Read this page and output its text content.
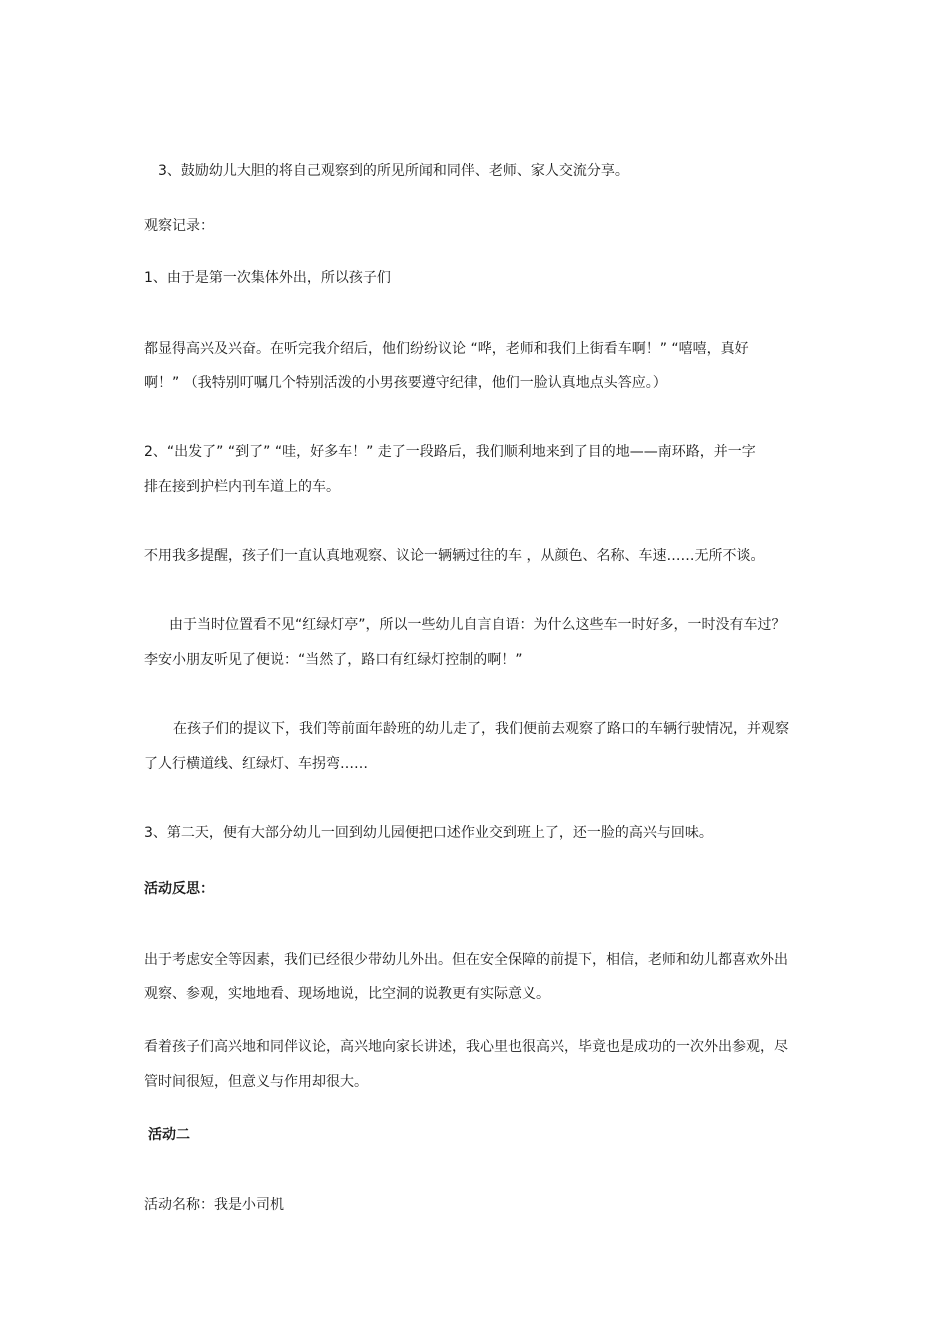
3、鼓励幼儿大胆的将自己观察到的所见所闻和同伴、老师、家人交流分享。
观察记录：
1、由于是第一次集体外出，所以孩子们
都显得高兴及兴奋。在听完我介绍后，他们纷纷议论 “哗，老师和我们上街看车啊！” “嘻嘻，真好
啊！” （我特别叮嘱几个特别活泼的小男孩要遵守纪律，他们一脸认真地点头答应。）
2、“出发了” “到了” “哇，好多车！” 走了一段路后，我们顺利地来到了目的地——南环路，并一字
排在接到护栏内刊车道上的车。
不用我多提醒，孩子们一直认真地观察、议论一辆辆过往的车 ，从颜色、名称、车速……无所不谈。
由于当时位置看不见“红绿灯亭”，所以一些幼儿自言自语：为什么这些车一时好多，一时没有车过？
李安小朋友听见了便说：“当然了，路口有红绿灯控制的啊！”
在孩子们的提议下，我们等前面年龄班的幼儿走了，我们便前去观察了路口的车辆行驶情况，并观察
了人行横道线、红绿灯、车拐弯……
3、第二天，便有大部分幼儿一回到幼儿园便把口述作业交到班上了，还一脸的高兴与回味。
活动反思：
出于考虑安全等因素，我们已经很少带幼儿外出。但在安全保障的前提下，相信，老师和幼儿都喜欢外出
观察、参观，实地地看、现场地说，比空洞的说教更有实际意义。
看着孩子们高兴地和同伴议论，高兴地向家长讲述，我心里也很高兴，毕竟也是成功的一次外出参观，尽
管时间很短，但意义与作用却很大。
活动二
活动名称：我是小司机
